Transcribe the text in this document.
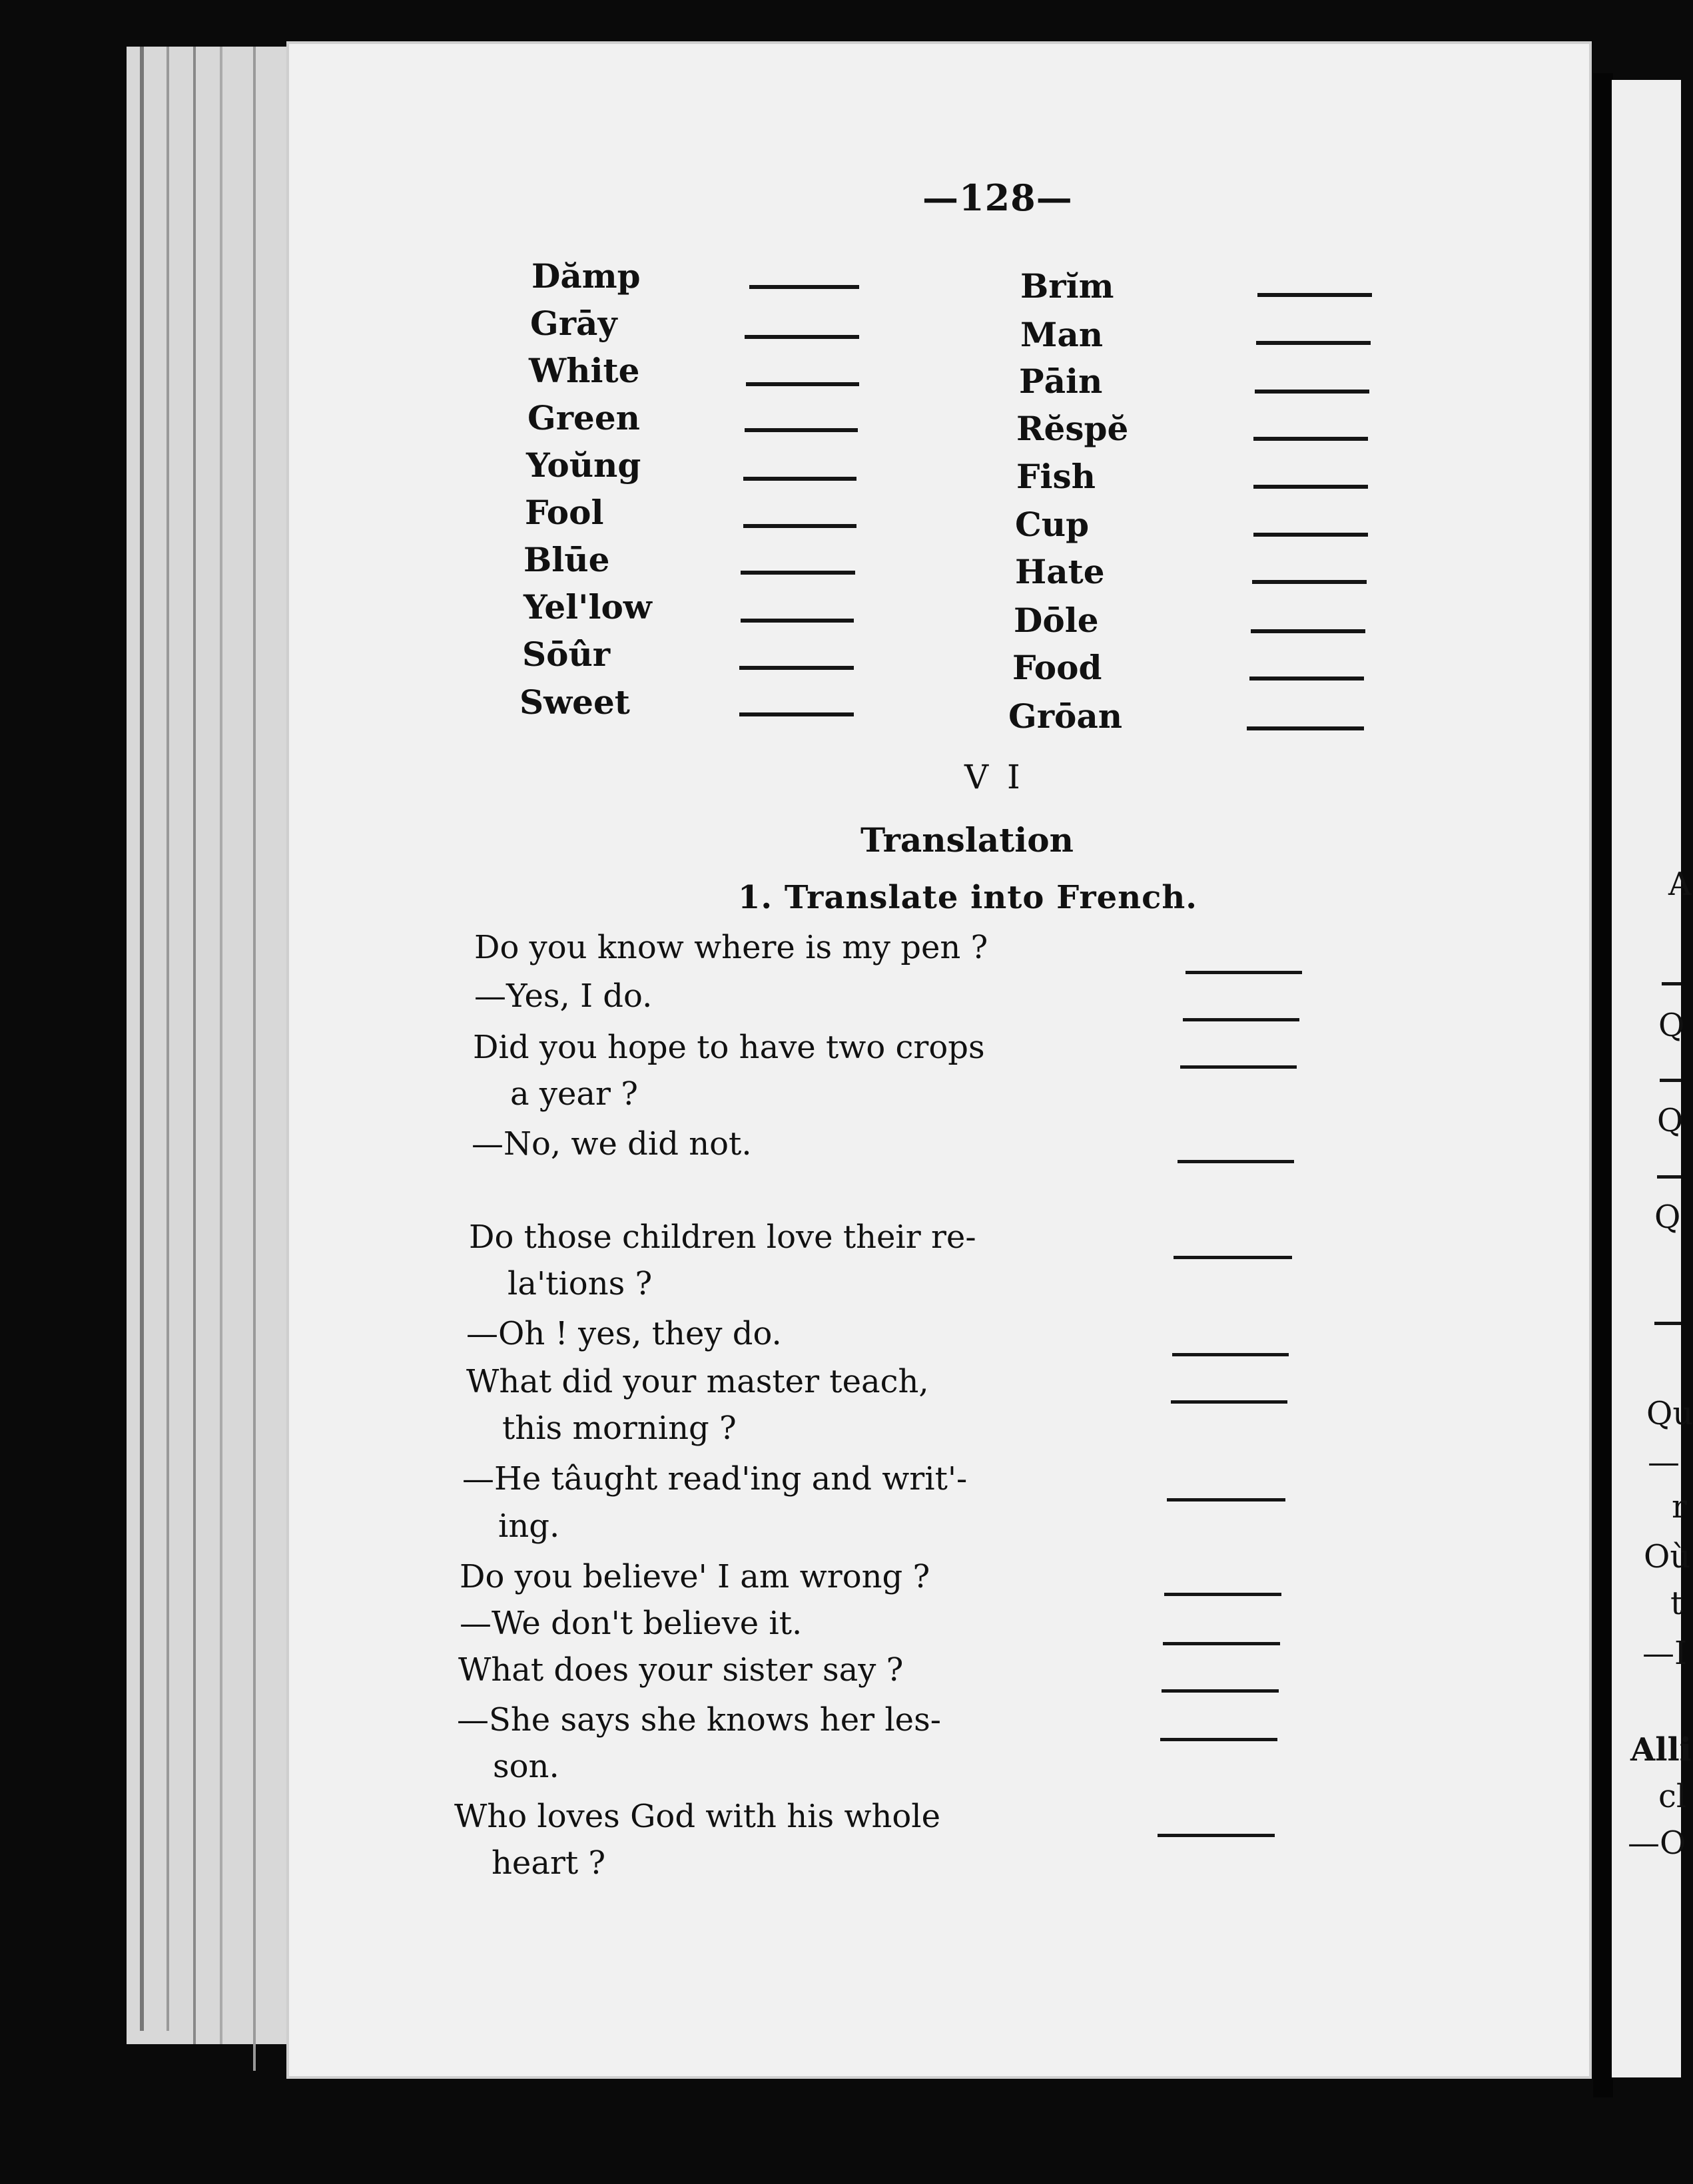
—128—
Dămp
Grāy
White
Green
Yoŭng
Fool
Blūe
Yel'low
Sōûr
Sweet
Brĭm
Man
Pāin
Rĕspĕ
Fish
Cup
Hate
Dōle
Food
Grōan
V I
Translation
1. Translate into French.
Do you know where is my pen ?
—Yes, I do.
Did you hope to have two crops
a year ?
—No, we did not.
Do those children love their re-
la'tions ?
—Oh ! yes, they do.
What did your master teach,
this morning ?
—He tâught read'ing and writ'-
ing.
Do you believe' I am wrong ?
—We don't believe it.
What does your sister say ?
—She says she knows her les-
son.
Who loves God with his whole
heart ?
A
Q
Q
Q
Qu
—
r
Où
t
—I
Alli
cl
—O
